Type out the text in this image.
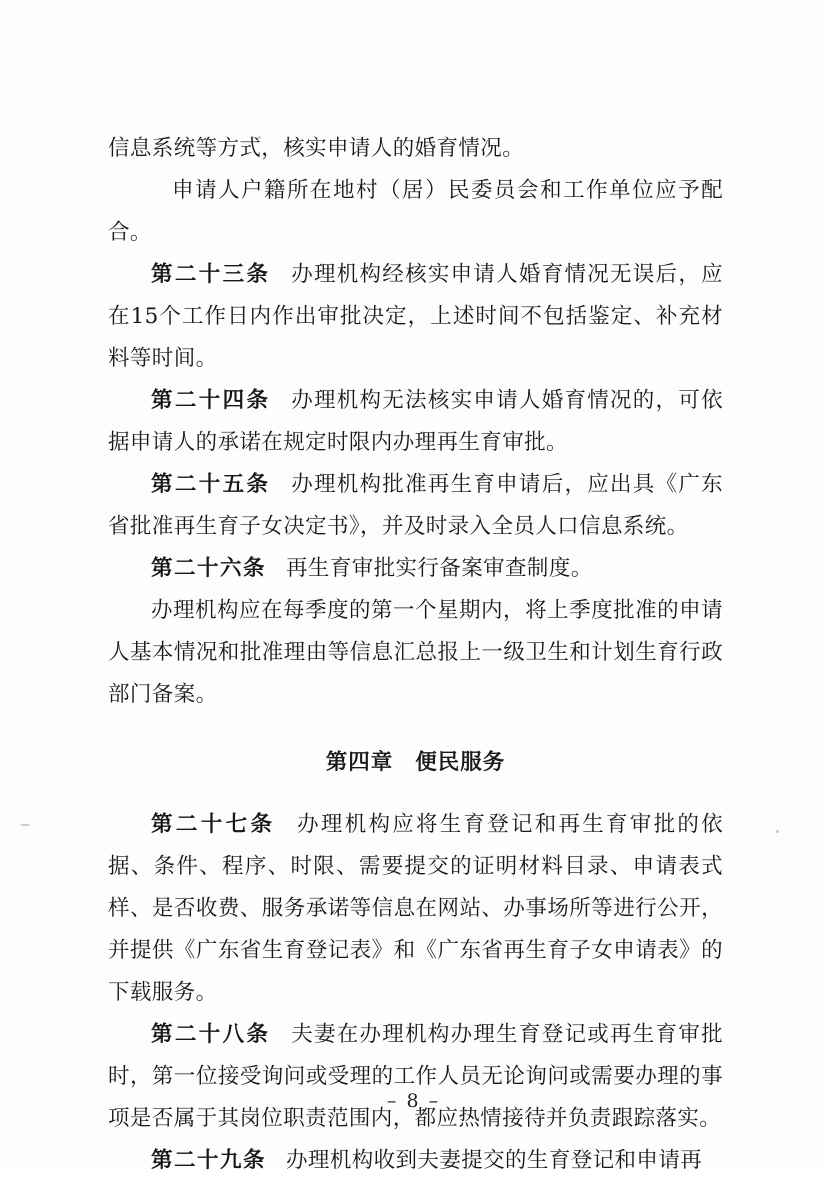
信息系统等方式，核实申请人的婚育情况。

申请人户籍所在地村（居）民委员会和工作单位应予配合。

第二十三条 办理机构经核实申请人婚育情况无误后，应在15个工作日内作出审批决定，上述时间不包括鉴定、补充材料等时间。

第二十四条 办理机构无法核实申请人婚育情况的，可依据申请人的承诺在规定时限内办理再生育审批。

第二十五条 办理机构批准再生育申请后，应出具《广东省批准再生育子女决定书》，并及时录入全员人口信息系统。

第二十六条 再生育审批实行备案审查制度。

办理机构应在每季度的第一个星期内，将上季度批准的申请人基本情况和批准理由等信息汇总报上一级卫生和计划生育行政部门备案。

第四章 便民服务

第二十七条 办理机构应将生育登记和再生育审批的依据、条件、程序、时限、需要提交的证明材料目录、申请表式样、是否收费、服务承诺等信息在网站、办事场所等进行公开，并提供《广东省生育登记表》和《广东省再生育子女申请表》的下载服务。

第二十八条 夫妻在办理机构办理生育登记或再生育审批时，第一位接受询问或受理的工作人员无论询问或需要办理的事项是否属于其岗位职责范围内，都应热情接待并负责跟踪落实。

第二十九条 办理机构收到夫妻提交的生育登记和申请再

– 8 –
